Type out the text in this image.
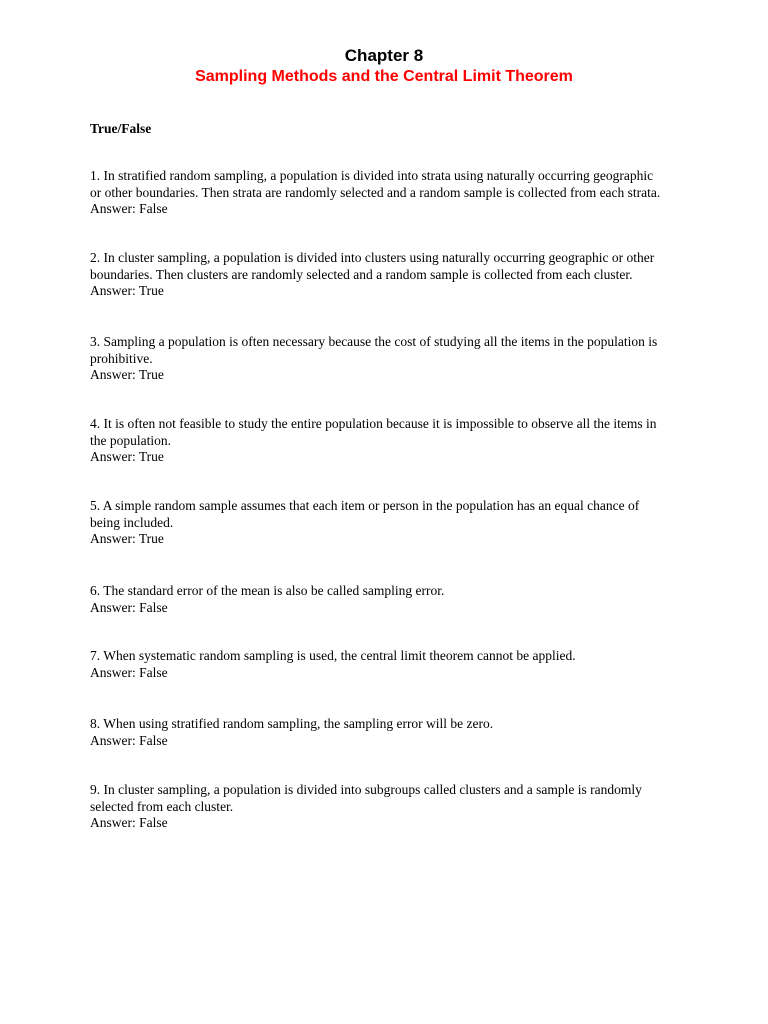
Chapter 8
Sampling Methods and the Central Limit Theorem
True/False

1. In stratified random sampling, a population is divided into strata using naturally occurring geographic

or other boundaries. Then strata are randomly selected and a random sample is collected from each strata.

Answer: False

2. In cluster sampling, a population is divided into clusters using naturally occurring geographic or other

boundaries. Then clusters are randomly selected and a random sample is collected from each cluster.

Answer: True

3. Sampling a population is often necessary because the cost of studying all the items in the population is

prohibitive.

Answer: True

4. It is often not feasible to study the entire population because it is impossible to observe all the items in

the population.

Answer: True

5. A simple random sample assumes that each item or person in the population has an equal chance of

being included.

Answer: True

6. The standard error of the mean is also be called sampling error.

Answer: False

7. When systematic random sampling is used, the central limit theorem cannot be applied.

Answer: False

8. When using stratified random sampling, the sampling error will be zero.

Answer: False

9. In cluster sampling, a population is divided into subgroups called clusters and a sample is randomly

selected from each cluster.

Answer: False
